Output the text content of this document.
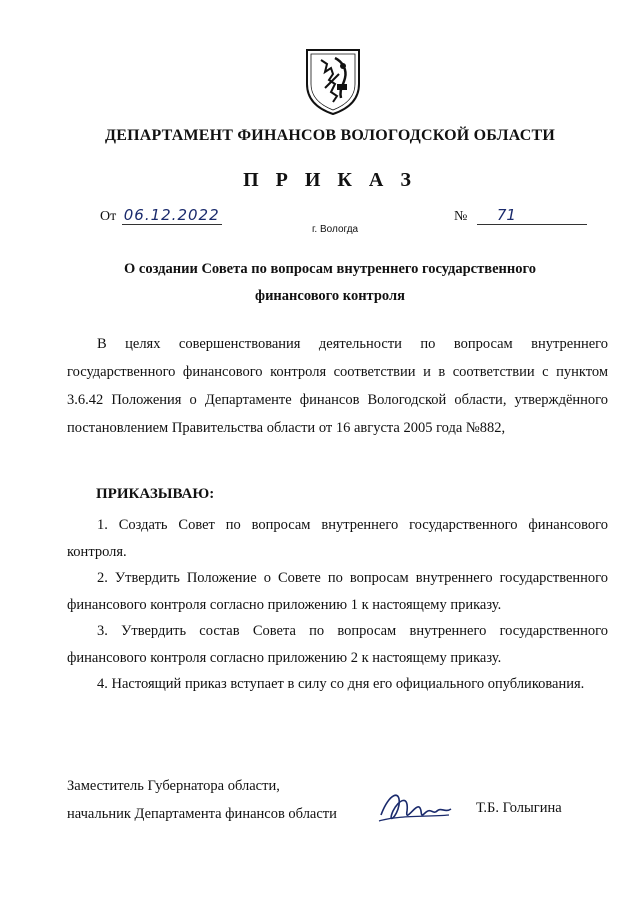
ДЕПАРТАМЕНТ ФИНАНСОВ ВОЛОГОДСКОЙ ОБЛАСТИ
П Р И К А З
От 06.12.2022
г. Вологда
№ 71
О создании Совета по вопросам внутреннего государственного
финансового контроля
В целях совершенствования деятельности по вопросам внутреннего государственного финансового контроля соответствии и в соответствии с пунктом 3.6.42 Положения о Департаменте финансов Вологодской области, утверждённого постановлением Правительства области от 16 августа 2005 года №882,
ПРИКАЗЫВАЮ:

1. Создать Совет по вопросам внутреннего государственного финансового контроля.

2. Утвердить Положение о Совете по вопросам внутреннего государственного финансового контроля согласно приложению 1 к настоящему приказу.

3. Утвердить состав Совета по вопросам внутреннего государственного финансового контроля согласно приложению 2 к настоящему приказу.

4. Настоящий приказ вступает в силу со дня его официального опубликования.

Заместитель Губернатора области,
начальник Департамента финансов области	Т.Б. Голыгина
